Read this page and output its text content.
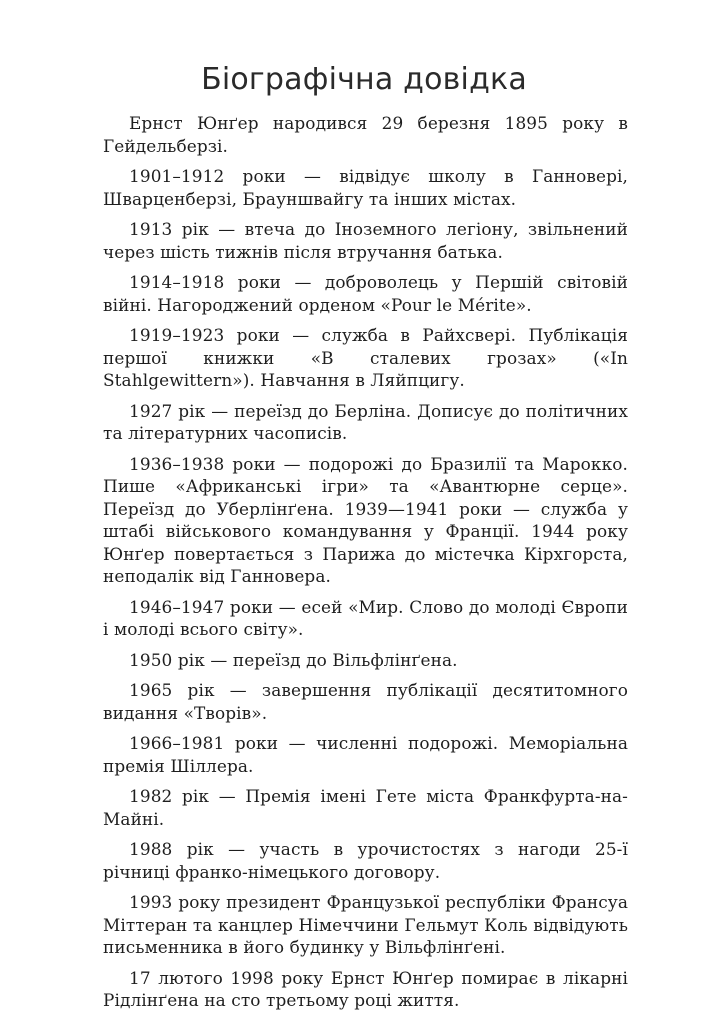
Біографічна довідка

Ернст Юнґер народився 29 березня 1895 року в Гейдельберзі.

1901–1912 роки — відвідує школу в Ганновері, Шварценберзі, Брауншвайгу та інших містах.

1913 рік — втеча до Іноземного легіону, звільнений через шість тижнів після втручання батька.

1914–1918 роки — доброволець у Першій світовій війні. Нагороджений орденом «Pour le Mérite».

1919–1923 роки — служба в Райхсвері. Публікація першої книжки «В сталевих грозах» («In Stahlgewittern»). Навчання в Ляйпцигу.

1927 рік — переїзд до Берліна. Дописує до політичних та літературних часописів.

1936–1938 роки — подорожі до Бразилії та Марокко. Пише «Африканські ігри» та «Авантюрне серце». Переїзд до Уберлінґена. 1939—1941 роки — служба у штабі військового командування у Франції. 1944 року Юнґер повертається з Парижа до містечка Кірхгорста, неподалік від Ганновера.

1946–1947 роки — есей «Мир. Слово до молоді Європи і молоді всього світу».

1950 рік — переїзд до Вільфлінґена.

1965 рік — завершення публікації десятитомного видання «Творів».

1966–1981 роки — численні подорожі. Меморіальна премія Шіллера.

1982 рік — Премія імені Гете міста Франкфурта-на-Майні.

1988 рік — участь в урочистостях з нагоди 25-ї річниці франко-німецького договору.

1993 року президент Французької республіки Франсуа Міттеран та канцлер Німеччини Гельмут Коль відвідують письменника в його будинку у Вільфлінґені.

17 лютого 1998 року Ернст Юнґер помирає в лікарні Рідлінґена на сто третьому році життя.
